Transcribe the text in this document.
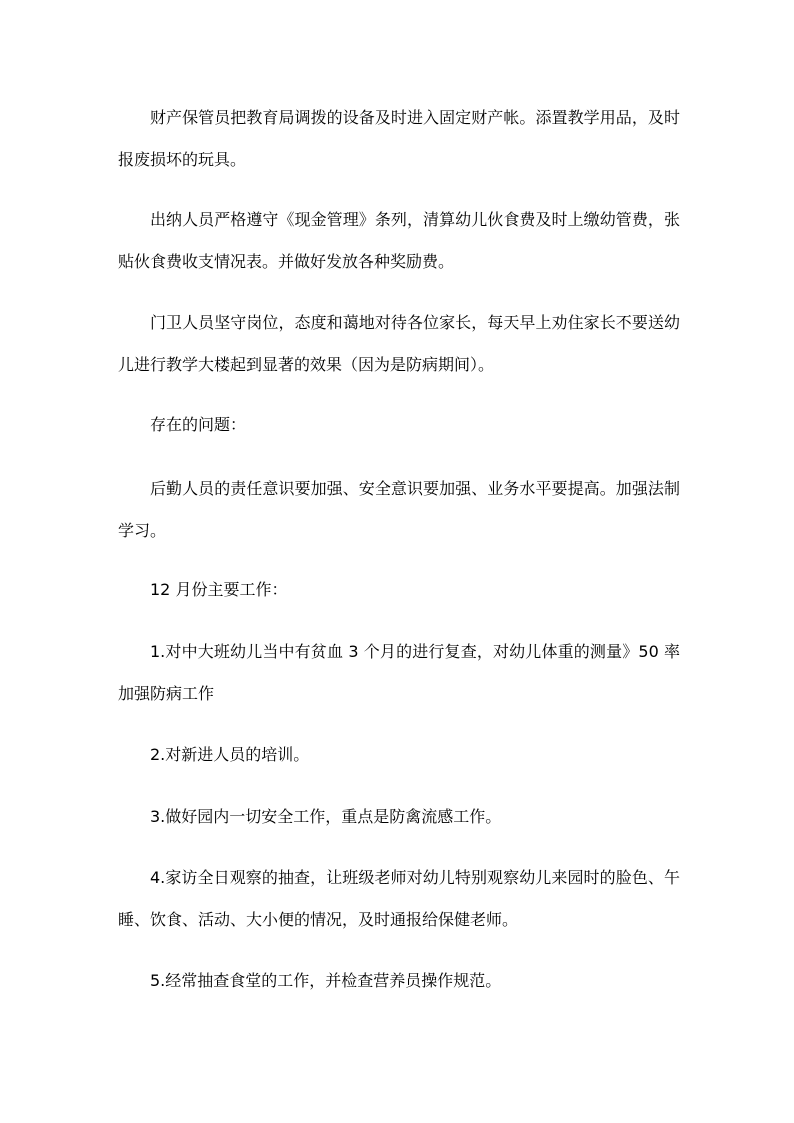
财产保管员把教育局调拨的设备及时进入固定财产帐。添置教学用品，及时报废损坏的玩具。

出纳人员严格遵守《现金管理》条列，清算幼儿伙食费及时上缴幼管费，张贴伙食费收支情况表。并做好发放各种奖励费。

门卫人员坚守岗位，态度和蔼地对待各位家长，每天早上劝住家长不要送幼儿进行教学大楼起到显著的效果（因为是防病期间）。

存在的问题：

后勤人员的责任意识要加强、安全意识要加强、业务水平要提高。加强法制学习。

12 月份主要工作：

1.对中大班幼儿当中有贫血 3 个月的进行复查，对幼儿体重的测量》50 率加强防病工作

2.对新进人员的培训。

3.做好园内一切安全工作，重点是防禽流感工作。

4.家访全日观察的抽查，让班级老师对幼儿特别观察幼儿来园时的脸色、午睡、饮食、活动、大小便的情况，及时通报给保健老师。

5.经常抽查食堂的工作，并检查营养员操作规范。
